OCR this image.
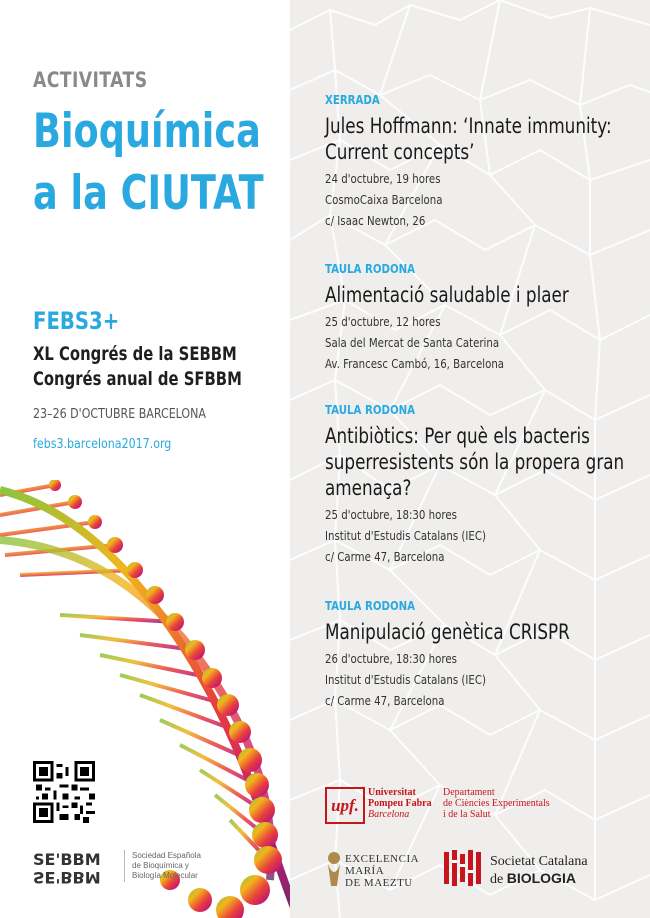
ACTIVITATS
Bioquímica
a la CIUTAT
FEBS3+
XL Congrés de la SEBBM
Congrés anual de SFBBM
23–26 D'OCTUBRE BARCELONA
febs3.barcelona2017.org
SE'BBM
SE'BBM
Sociedad Española
de Bioquímica y
Biología Molecular
XERRADA
Jules Hoffmann: ‘Innate immunity: Current concepts’
24 d'octubre, 19 hores
CosmoCaixa Barcelona
c/ Isaac Newton, 26
TAULA RODONA
Alimentació saludable i plaer
25 d'octubre, 12 hores
Sala del Mercat de Santa Caterina
Av. Francesc Cambó, 16, Barcelona
TAULA RODONA
Antibiòtics: Per què els bacteris superresistents són la propera gran amenaça?
25 d'octubre, 18:30 hores
Institut d'Estudis Catalans (IEC)
c/ Carme 47, Barcelona
TAULA RODONA
Manipulació genètica CRISPR
26 d'octubre, 18:30 hores
Institut d'Estudis Catalans (IEC)
c/ Carme 47, Barcelona
upf.
Universitat
Pompeu Fabra
Barcelona
Departament
de Ciències Experimentals
i de la Salut
EXCELENCIA
MARÍA
DE MAEZTU
Societat Catalana
de BIOLOGIA
